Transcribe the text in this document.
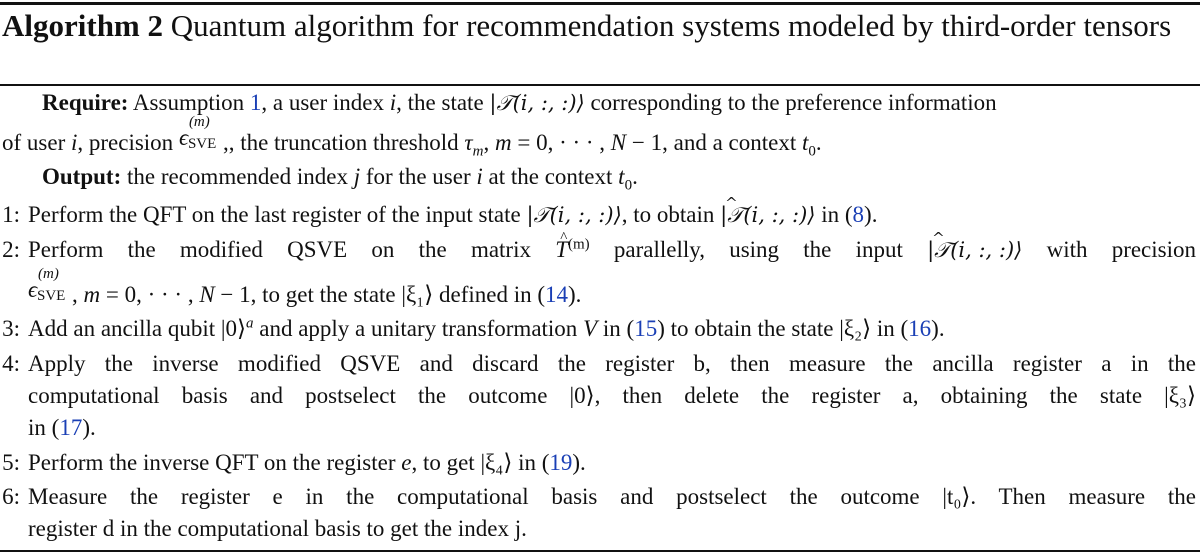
Algorithm 2 Quantum algorithm for recommendation systems modeled by third-order tensors
Require: Assumption 1, a user index i, the state |𝒯(i, :, :)⟩ corresponding to the preference information
of user i, precision ϵ
(m)
SVE ,, the truncation threshold $\tau_m$, m = 0, · · · , N − 1, and a context $t_0$.
Output: the recommended index j for the user i at the context $t_0$.
1: Perform the QFT on the last register of the input state |𝒯(i, :, :)⟩, to obtain ^ |𝒯(i, :, :)⟩ in (8).
2: Perform the modified QSVE on the matrix ^ $T^{(m)}$ parallelly, using the input ^ |𝒯(i, :, :)⟩ with precision
ϵ
(m)
SVE , m = 0, · · · , N − 1, to get the state |ξ₁⟩ defined in (14).
3: Add an ancilla qubit |0⟩$^a$ and apply a unitary transformation V in (15) to obtain the state |ξ₂⟩ in (16).
4: Apply the inverse modified QSVE and discard the register b, then measure the ancilla register a in the
computational basis and postselect the outcome |0⟩, then delete the register a, obtaining the state |ξ₃⟩
in (17).
5: Perform the inverse QFT on the register e, to get |ξ₄⟩ in (19).
6: Measure the register e in the computational basis and postselect the outcome |t₀⟩. Then measure the
register d in the computational basis to get the index j.
